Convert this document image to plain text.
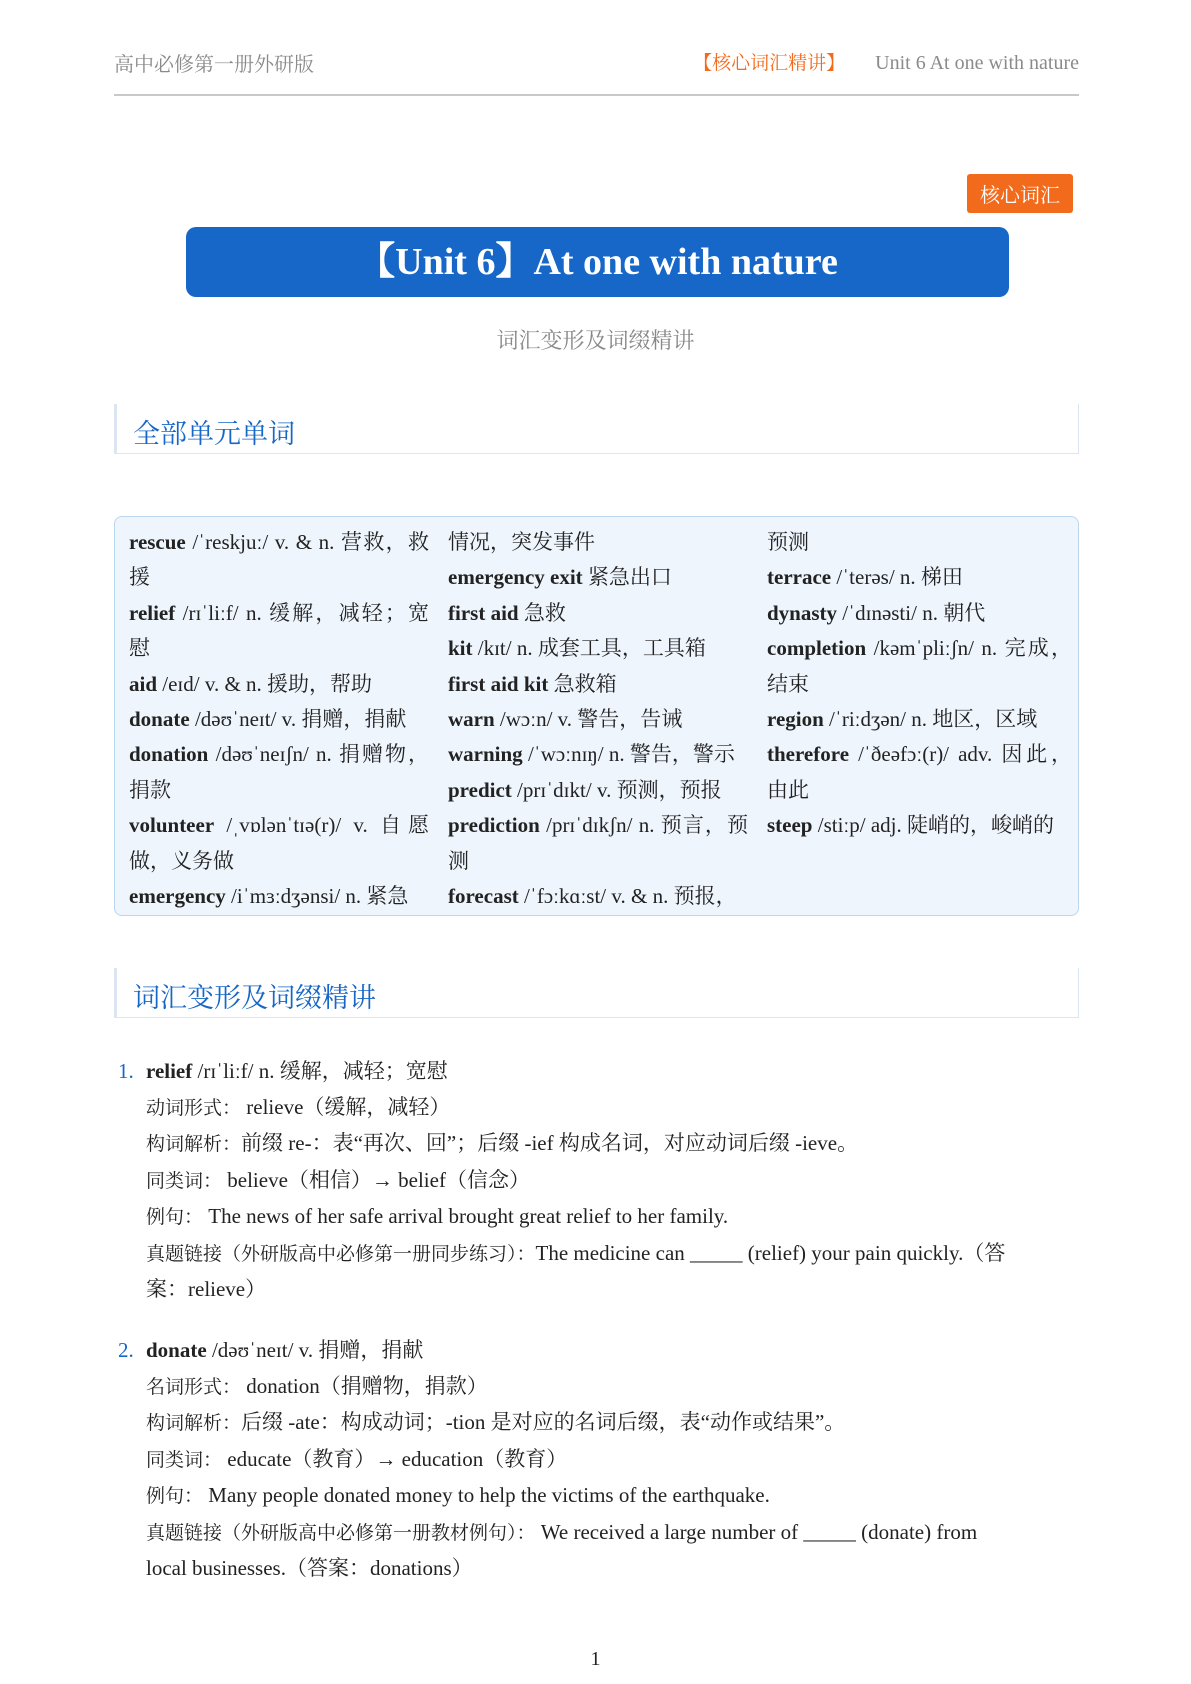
高中必修第一册外研版	【核心词汇精讲】 Unit 6 At one with nature
核心词汇
【Unit 6】At one with nature
词汇变形及词缀精讲
全部单元单词

rescue /ˈreskjuː/ v. & n. 营救，救援

relief /rɪˈliːf/ n. 缓解，减轻；宽慰

aid /eɪd/ v. & n. 援助，帮助

donate /dəʊˈneɪt/ v. 捐赠，捐献

donation /dəʊˈneɪʃn/ n. 捐赠物，捐款

volunteer /ˌvɒlənˈtɪə(r)/ v. 自愿做，义务做

emergency /iˈmɜːdʒənsi/ n. 紧急

情况，突发事件

emergency exit 紧急出口

first aid 急救

kit /kɪt/ n. 成套工具，工具箱

first aid kit 急救箱

warn /wɔːn/ v. 警告，告诫

warning /ˈwɔːnɪŋ/ n. 警告，警示

predict /prɪˈdɪkt/ v. 预测，预报

prediction /prɪˈdɪkʃn/ n. 预言，预测

forecast /ˈfɔːkɑːst/ v. & n. 预报，

预测

terrace /ˈterəs/ n. 梯田

dynasty /ˈdɪnəsti/ n. 朝代

completion /kəmˈpliːʃn/ n. 完成，结束

region /ˈriːdʒən/ n. 地区，区域

therefore /ˈðeəfɔː(r)/ adv. 因此，由此

steep /stiːp/ adj. 陡峭的，峻峭的

词汇变形及词缀精讲
1. relief /rɪˈliːf/ n. 缓解，减轻；宽慰
动词形式： relieve（缓解，减轻）
构词解析：前缀 re-：表“再次、回”；后缀 -ief 构成名词，对应动词后缀 -ieve。
同类词： believe（相信）→ belief（信念）
例句： The news of her safe arrival brought great relief to her family.
真题链接（外研版高中必修第一册同步练习）：The medicine can _____ (relief) your pain quickly.（答
案：relieve）
2. donate /dəʊˈneɪt/ v. 捐赠，捐献
名词形式： donation（捐赠物，捐款）
构词解析：后缀 -ate：构成动词；-tion 是对应的名词后缀，表“动作或结果”。
同类词： educate（教育）→ education（教育）
例句： Many people donated money to help the victims of the earthquake.
真题链接（外研版高中必修第一册教材例句）： We received a large number of _____ (donate) from
local businesses.（答案：donations）
1
